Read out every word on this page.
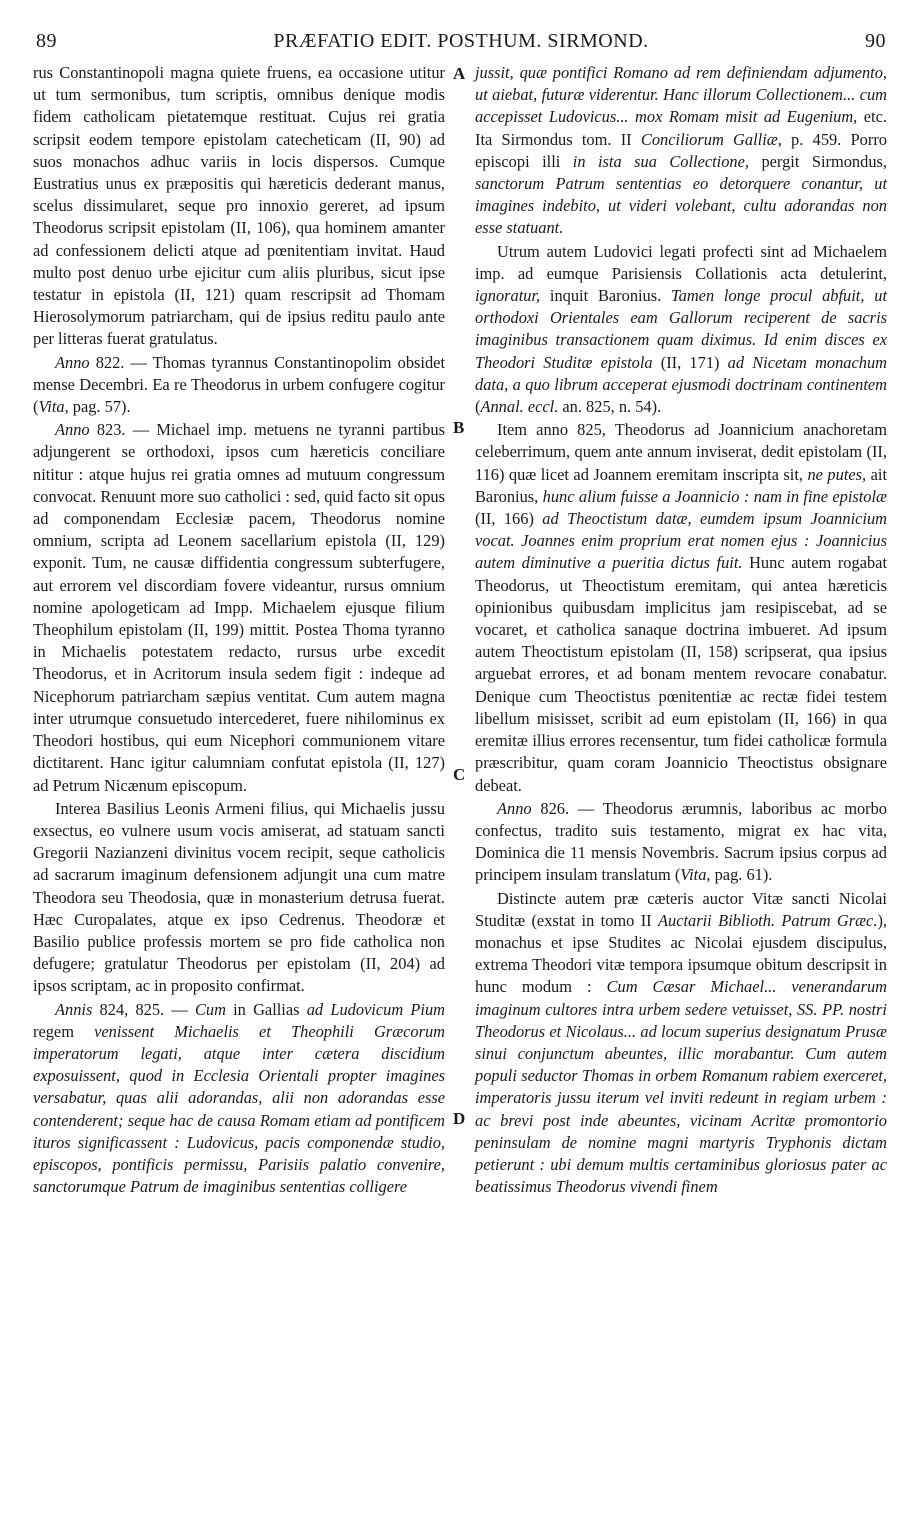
89	PRÆFATIO EDIT. POSTHUM. SIRMOND.	90
A
B
C
D

rus Constantinopoli magna quiete fruens, ea occasione utitur ut tum sermonibus, tum scriptis, omnibus denique modis fidem catholicam pietatemque restituat. Cujus rei gratia scripsit eodem tempore epistolam catecheticam (II, 90) ad suos monachos adhuc variis in locis dispersos. Cumque Eustratius unus ex præpositis qui hæreticis dederant manus, scelus dissimularet, seque pro innoxio gereret, ad ipsum Theodorus scripsit epistolam (II, 106), qua hominem amanter ad confessionem delicti atque ad pœnitentiam invitat. Haud multo post denuo urbe ejicitur cum aliis pluribus, sicut ipse testatur in epistola (II, 121) quam rescripsit ad Thomam Hierosolymorum patriarcham, qui de ipsius reditu paulo ante per litteras fuerat gratulatus.

Anno 822. — Thomas tyrannus Constantinopolim obsidet mense Decembri. Ea re Theodorus in urbem confugere cogitur (Vita, pag. 57).

Anno 823. — Michael imp. metuens ne tyranni partibus adjungerent se orthodoxi, ipsos cum hæreticis conciliare nititur : atque hujus rei gratia omnes ad mutuum congressum convocat. Renuunt more suo catholici : sed, quid facto sit opus ad componendam Ecclesiæ pacem, Theodorus nomine omnium, scripta ad Leonem sacellarium epistola (II, 129) exponit. Tum, ne causæ diffidentia congressum subterfugere, aut errorem vel discordiam fovere videantur, rursus omnium nomine apologeticam ad Impp. Michaelem ejusque filium Theophilum epistolam (II, 199) mittit. Postea Thoma tyranno in Michaelis potestatem redacto, rursus urbe excedit Theodorus, et in Acritorum insula sedem figit : indeque ad Nicephorum patriarcham sæpius ventitat. Cum autem magna inter utrumque consuetudo intercederet, fuere nihilominus ex Theodori hostibus, qui eum Nicephori communionem vitare dictitarent. Hanc igitur calumniam confutat epistola (II, 127) ad Petrum Nicænum episcopum.

Interea Basilius Leonis Armeni filius, qui Michaelis jussu exsectus, eo vulnere usum vocis amiserat, ad statuam sancti Gregorii Nazianzeni divinitus vocem recipit, seque catholicis ad sacrarum imaginum defensionem adjungit una cum matre Theodora seu Theodosia, quæ in monasterium detrusa fuerat. Hæc Curopalates, atque ex ipso Cedrenus. Theodoræ et Basilio publice professis mortem se pro fide catholica non defugere; gratulatur Theodorus per epistolam (II, 204) ad ipsos scriptam, ac in proposito confirmat.

Annis 824, 825. — Cum in Gallias ad Ludovicum Pium regem venissent Michaelis et Theophili Græcorum imperatorum legati, atque inter cætera discidium exposuissent, quod in Ecclesia Orientali propter imagines versabatur, quas alii adorandas, alii non adorandas esse contenderent; seque hac de causa Romam etiam ad pontificem ituros significassent : Ludovicus, pacis componendæ studio, episcopos, pontificis permissu, Parisiis palatio convenire, sanctorumque Patrum de imaginibus sententias colligere

jussit, quæ pontifici Romano ad rem definiendam adjumento, ut aiebat, futuræ viderentur. Hanc illorum Collectionem... cum accepisset Ludovicus... mox Romam misit ad Eugenium, etc. Ita Sirmondus tom. II Conciliorum Galliæ, p. 459. Porro episcopi illi in ista sua Collectione, pergit Sirmondus, sanctorum Patrum sententias eo detorquere conantur, ut imagines indebito, ut videri volebant, cultu adorandas non esse statuant.

Utrum autem Ludovici legati profecti sint ad Michaelem imp. ad eumque Parisiensis Collationis acta detulerint, ignoratur, inquit Baronius. Tamen longe procul abfuit, ut orthodoxi Orientales eam Gallorum reciperent de sacris imaginibus transactionem quam diximus. Id enim disces ex Theodori Studitæ epistola (II, 171) ad Nicetam monachum data, a quo librum acceperat ejusmodi doctrinam continentem (Annal. eccl. an. 825, n. 54).

Item anno 825, Theodorus ad Joannicium anachoretam celeberrimum, quem ante annum inviserat, dedit epistolam (II, 116) quæ licet ad Joannem eremitam inscripta sit, ne putes, ait Baronius, hunc alium fuisse a Joannicio : nam in fine epistolæ (II, 166) ad Theoctistum datæ, eumdem ipsum Joannicium vocat. Joannes enim proprium erat nomen ejus : Joannicius autem diminutive a pueritia dictus fuit. Hunc autem rogabat Theodorus, ut Theoctistum eremitam, qui antea hæreticis opinionibus quibusdam implicitus jam resipiscebat, ad se vocaret, et catholica sanaque doctrina imbueret. Ad ipsum autem Theoctistum epistolam (II, 158) scripserat, qua ipsius arguebat errores, et ad bonam mentem revocare conabatur. Denique cum Theoctistus pœnitentiæ ac rectæ fidei testem libellum misisset, scribit ad eum epistolam (II, 166) in qua eremitæ illius errores recensentur, tum fidei catholicæ formula præscribitur, quam coram Joannicio Theoctistus obsignare debeat.

Anno 826. — Theodorus ærumnis, laboribus ac morbo confectus, tradito suis testamento, migrat ex hac vita, Dominica die 11 mensis Novembris. Sacrum ipsius corpus ad principem insulam translatum (Vita, pag. 61).

Distincte autem præ cæteris auctor Vitæ sancti Nicolai Studitæ (exstat in tomo II Auctarii Biblioth. Patrum Græc.), monachus et ipse Studites ac Nicolai ejusdem discipulus, extrema Theodori vitæ tempora ipsumque obitum descripsit in hunc modum : Cum Cæsar Michael... venerandarum imaginum cultores intra urbem sedere vetuisset, SS. PP. nostri Theodorus et Nicolaus... ad locum superius designatum Prusæ sinui conjunctum abeuntes, illic morabantur. Cum autem populi seductor Thomas in orbem Romanum rabiem exerceret, imperatoris jussu iterum vel inviti redeunt in regiam urbem : ac brevi post inde abeuntes, vicinam Acritæ promontorio peninsulam de nomine magni martyris Tryphonis dictam petierunt : ubi demum multis certaminibus gloriosus pater ac beatissimus Theodorus vivendi finem
